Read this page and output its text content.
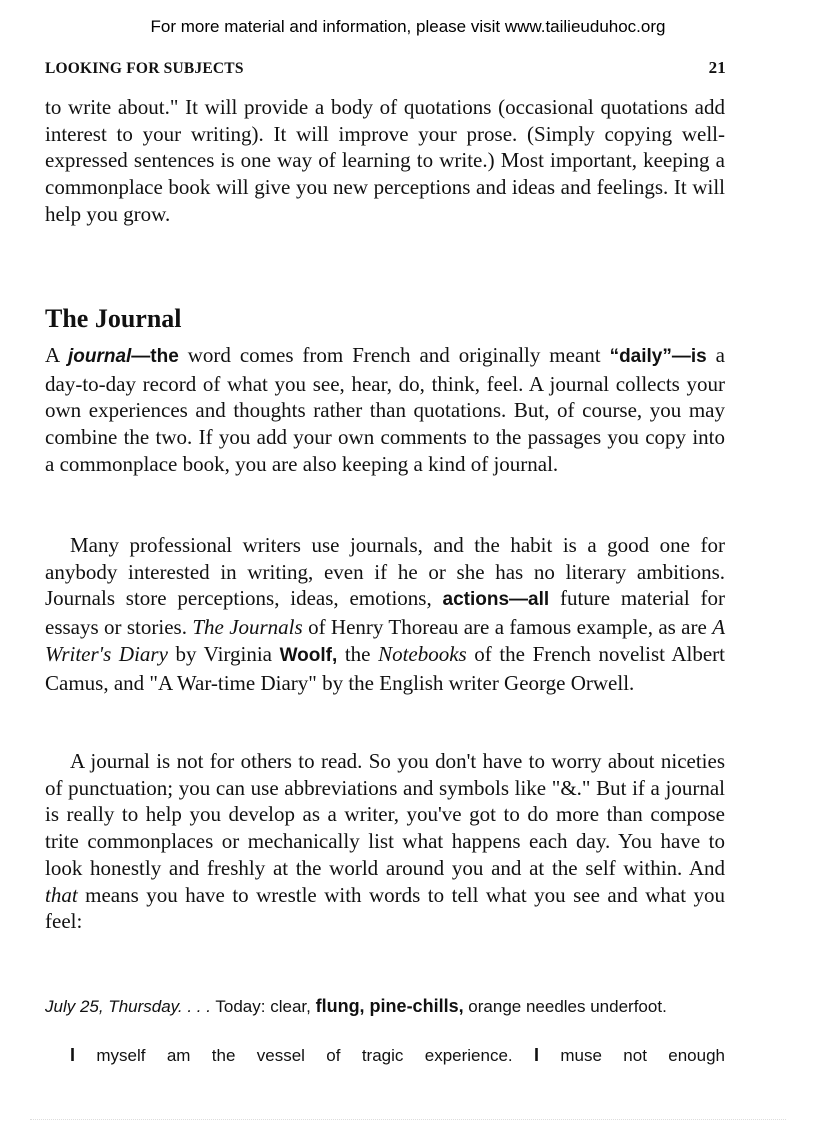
For more material and information, please visit www.tailieuduhoc.org
LOOKING FOR SUBJECTS	21

to write about." It will provide a body of quotations (occasional quotations add interest to your writing). It will improve your prose. (Simply copying well-expressed sentences is one way of learning to write.) Most important, keeping a commonplace book will give you new perceptions and ideas and feelings. It will help you grow.

The Journal

A journal—the word comes from French and originally meant “daily”—is a day-to-day record of what you see, hear, do, think, feel. A journal collects your own experiences and thoughts rather than quotations. But, of course, you may combine the two. If you add your own comments to the passages you copy into a commonplace book, you are also keeping a kind of journal.

Many professional writers use journals, and the habit is a good one for anybody interested in writing, even if he or she has no literary ambitions. Journals store perceptions, ideas, emotions, actions—all future material for essays or stories. The Journals of Henry Thoreau are a famous example, as are A Writer's Diary by Virginia Woolf, the Notebooks of the French novelist Albert Camus, and "A War-time Diary" by the English writer George Orwell.

A journal is not for others to read. So you don't have to worry about niceties of punctuation; you can use abbreviations and symbols like "&." But if a journal is really to help you develop as a writer, you've got to do more than compose trite commonplaces or mechanically list what happens each day. You have to look honestly and freshly at the world around you and at the self within. And that means you have to wrestle with words to tell what you see and what you feel:

July 25, Thursday. . . . Today: clear, flung, pine-chills, orange needles underfoot.

I myself am the vessel of tragic experience. I muse not enough
